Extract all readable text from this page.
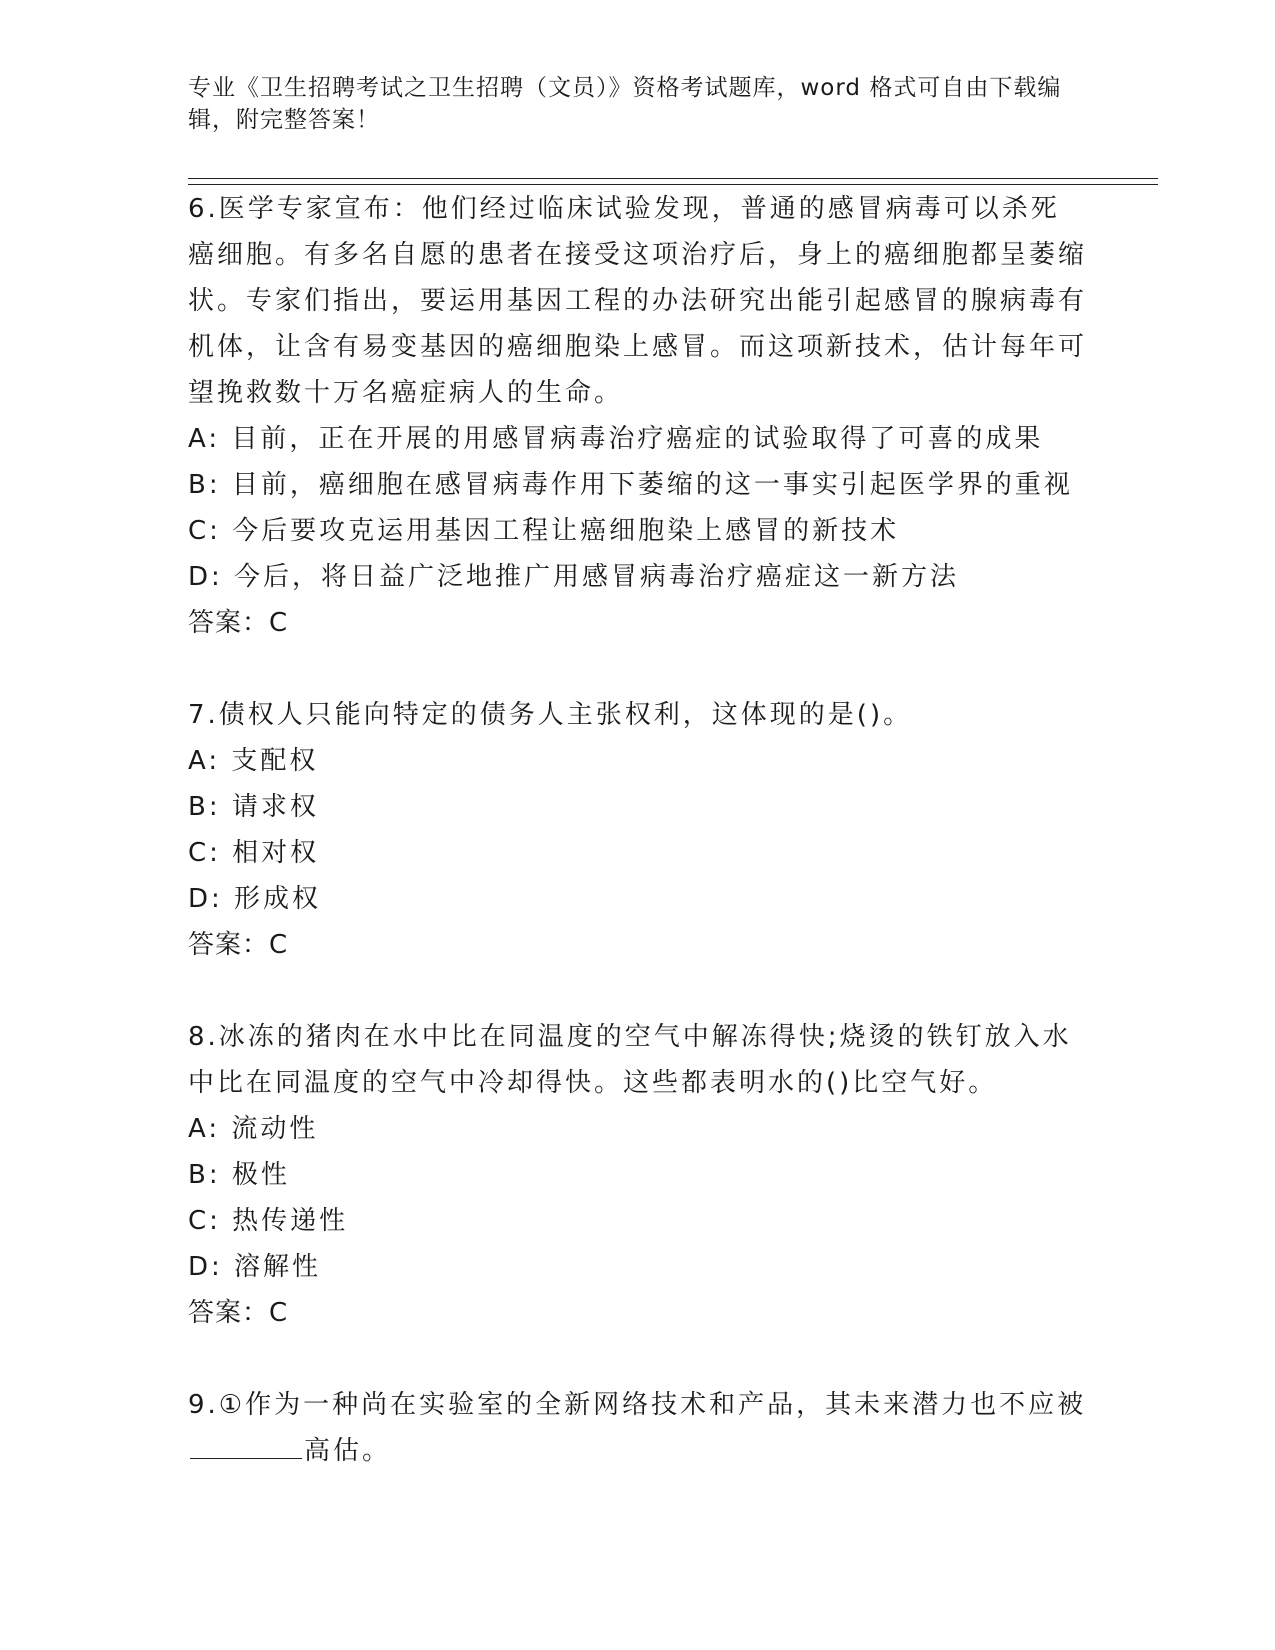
专业《卫生招聘考试之卫生招聘（文员）》资格考试题库，word 格式可自由下载编辑，附完整答案！

6.医学专家宣布：他们经过临床试验发现，普通的感冒病毒可以杀死癌细胞。有多名自愿的患者在接受这项治疗后，身上的癌细胞都呈萎缩状。专家们指出，要运用基因工程的办法研究出能引起感冒的腺病毒有机体，让含有易变基因的癌细胞染上感冒。而这项新技术，估计每年可望挽救数十万名癌症病人的生命。

A: 目前，正在开展的用感冒病毒治疗癌症的试验取得了可喜的成果

B: 目前，癌细胞在感冒病毒作用下萎缩的这一事实引起医学界的重视

C: 今后要攻克运用基因工程让癌细胞染上感冒的新技术

D: 今后，将日益广泛地推广用感冒病毒治疗癌症这一新方法

答案：C

7.债权人只能向特定的债务人主张权利，这体现的是()。

A: 支配权

B: 请求权

C: 相对权

D: 形成权

答案：C

8.冰冻的猪肉在水中比在同温度的空气中解冻得快;烧烫的铁钉放入水中比在同温度的空气中冷却得快。这些都表明水的()比空气好。

A: 流动性

B: 极性

C: 热传递性

D: 溶解性

答案：C

9.①作为一种尚在实验室的全新网络技术和产品，其未来潜力也不应被高估。
